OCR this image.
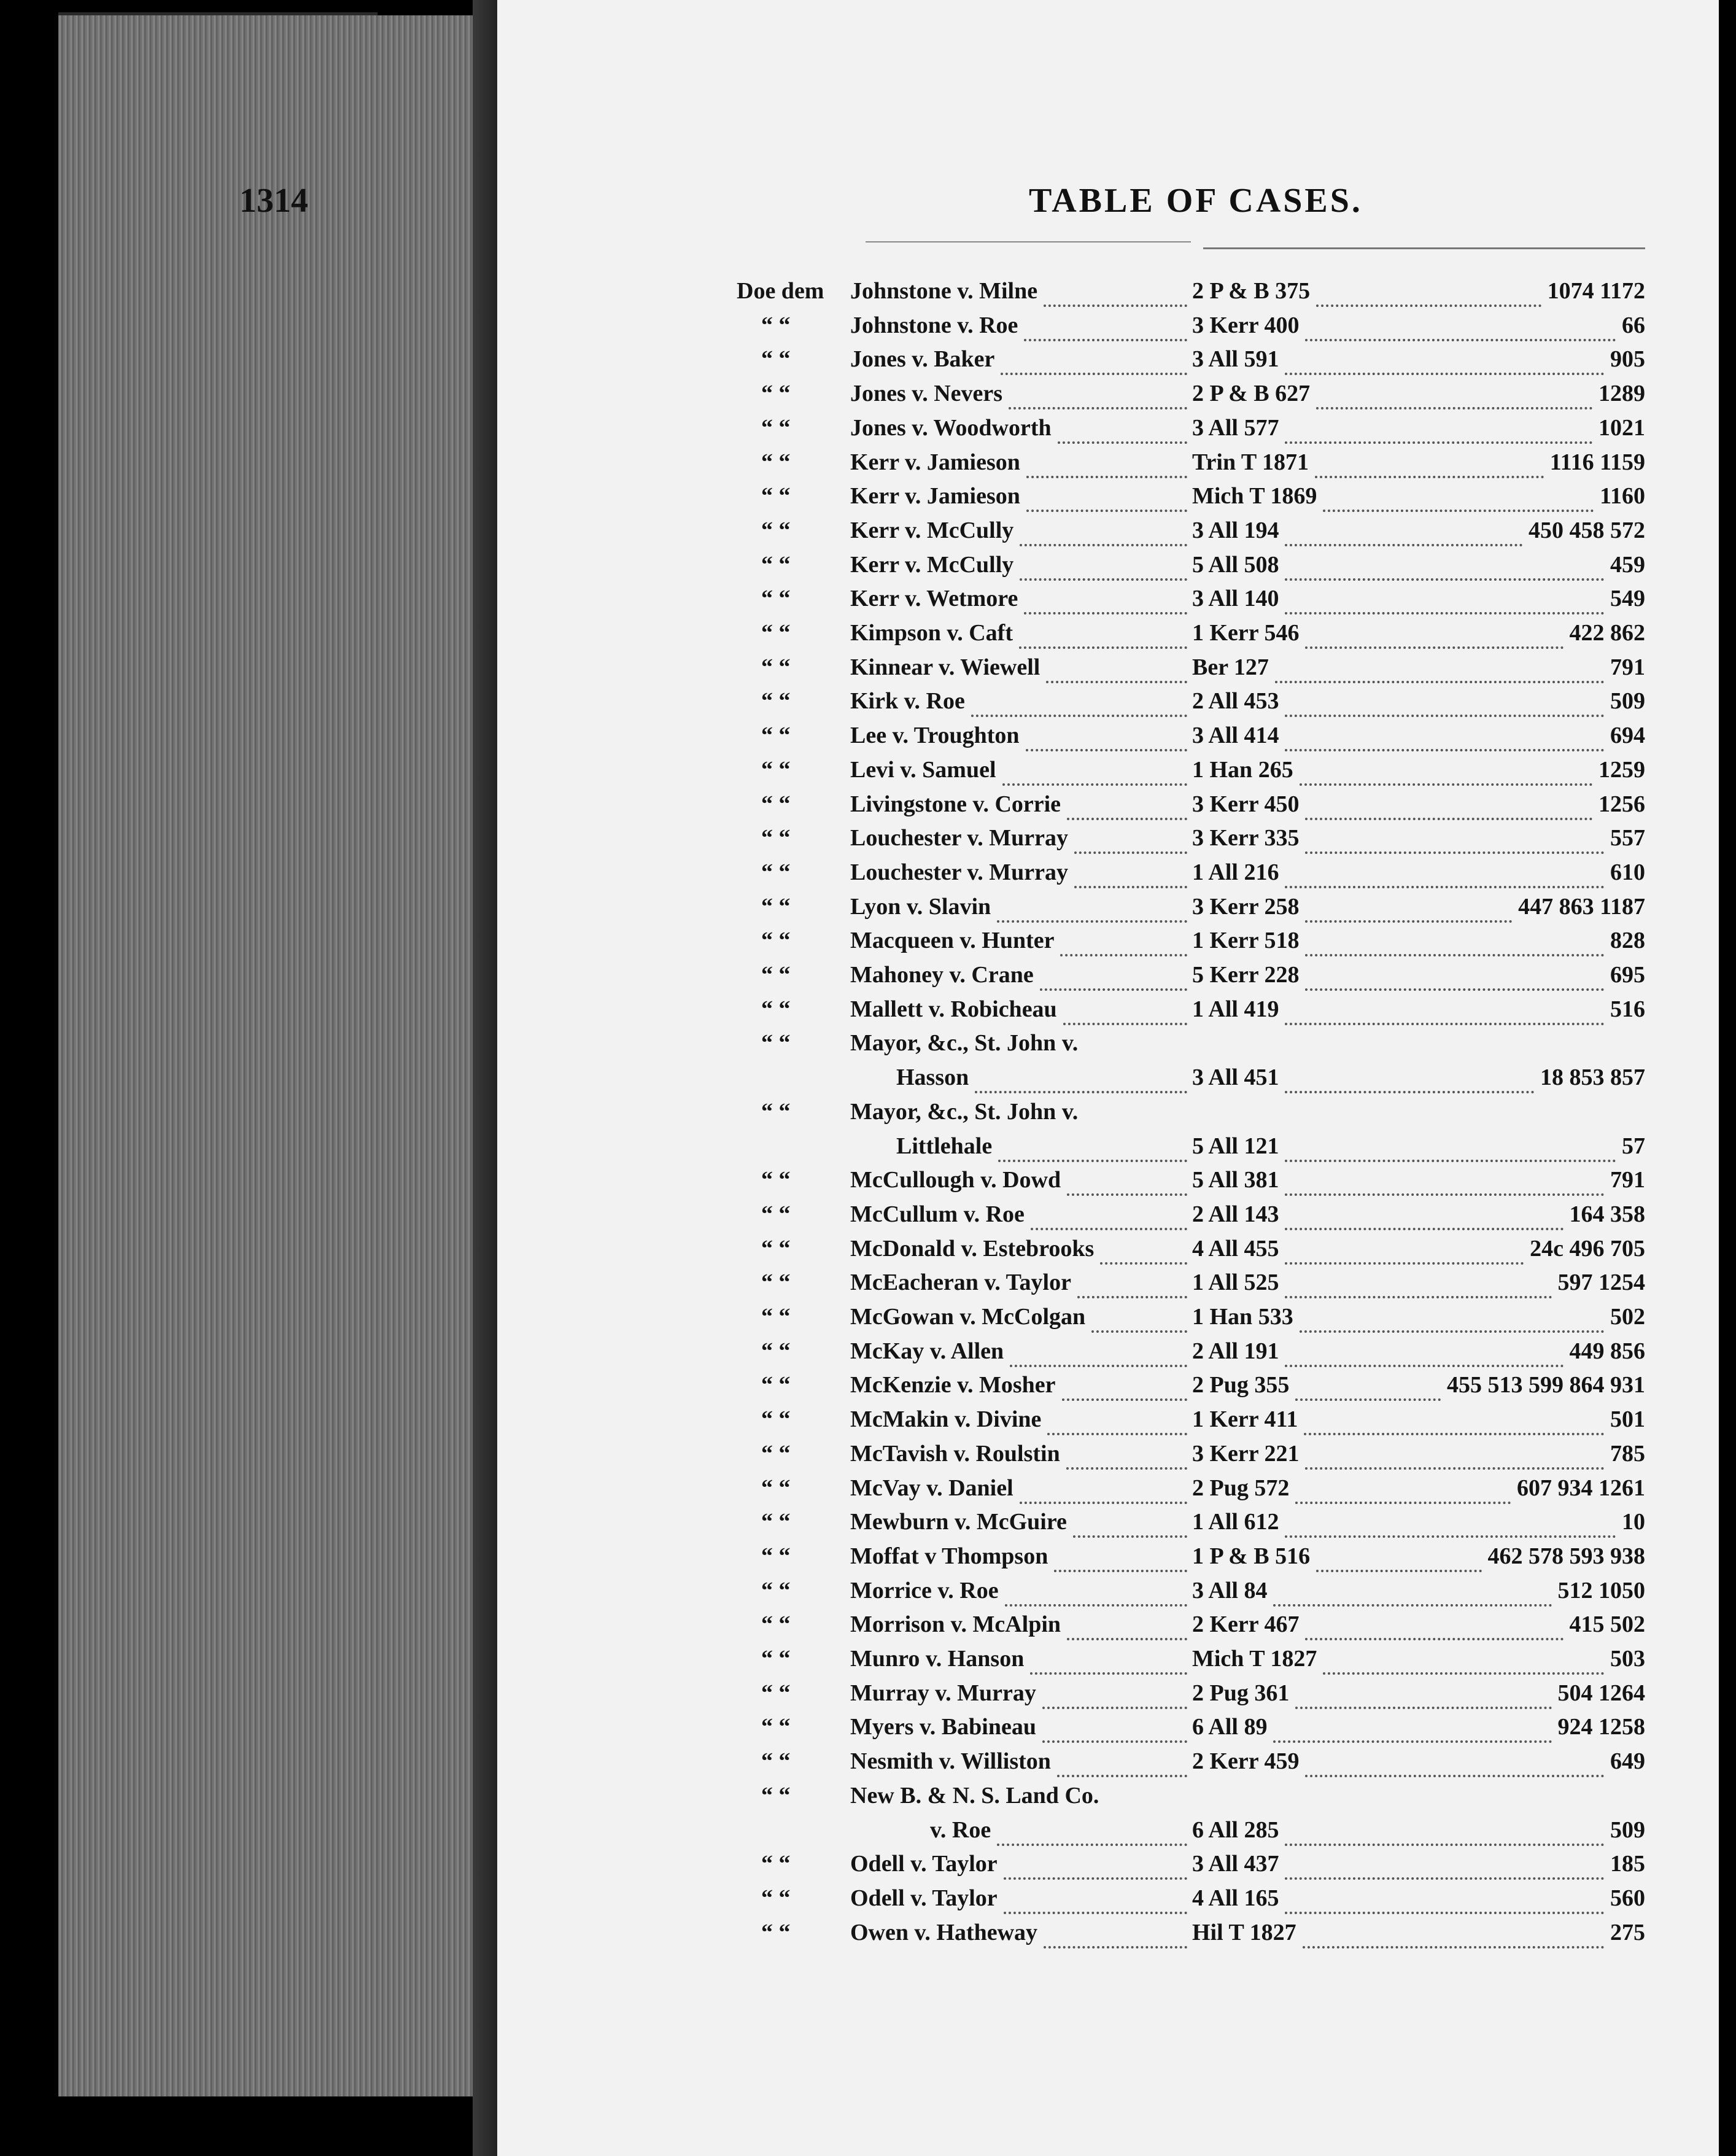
1314	TABLE OF CASES.
Doe dem Johnstone v. Milne	2 P & B 375	1074 1172
“ “	Johnstone v. Roe	3 Kerr 400	66
“ “	Jones v. Baker	3 All 591	905
“ “	Jones v. Nevers	2 P & B 627	1289
“ “	Jones v. Woodworth	3 All 577	1021
“ “	Kerr v. Jamieson	Trin T 1871	1116 1159
“ “	Kerr v. Jamieson	Mich T 1869	1160
“ “	Kerr v. McCully	3 All 194	450 458 572
“ “	Kerr v. McCully	5 All 508	459
“ “	Kerr v. Wetmore	3 All 140	549
“ “	Kimpson v. Caft	1 Kerr 546	422 862
“ “	Kinnear v. Wiewell	Ber 127	791
“ “	Kirk v. Roe	2 All 453	509
“ “	Lee v. Troughton	3 All 414	694
“ “	Levi v. Samuel	1 Han 265	1259
“ “	Livingstone v. Corrie	3 Kerr 450	1256
“ “	Louchester v. Murray	3 Kerr 335	557
“ “	Louchester v. Murray	1 All 216	610
“ “	Lyon v. Slavin	3 Kerr 258	447 863 1187
“ “	Macqueen v. Hunter	1 Kerr 518	828
“ “	Mahoney v. Crane	5 Kerr 228	695
“ “	Mallett v. Robicheau	1 All 419	516
“ “	Mayor, &c., St. John v.
Hasson	3 All 451	18 853 857
“ “	Mayor, &c., St. John v.
Littlehale	5 All 121	57
“ “	McCullough v. Dowd	5 All 381	791
“ “	McCullum v. Roe	2 All 143	164 358
“ “	McDonald v. Estebrooks	4 All 455	24c 496 705
“ “	McEacheran v. Taylor	1 All 525	597 1254
“ “	McGowan v. McColgan	1 Han 533	502
“ “	McKay v. Allen	2 All 191	449 856
“ “	McKenzie v. Mosher	2 Pug 355	455 513 599 864 931
“ “	McMakin v. Divine	1 Kerr 411	501
“ “	McTavish v. Roulstin	3 Kerr 221	785
“ “	McVay v. Daniel	2 Pug 572	607 934 1261
“ “	Mewburn v. McGuire	1 All 612	10
“ “	Moffat v Thompson	1 P & B 516	462 578 593 938
“ “	Morrice v. Roe	3 All 84	512 1050
“ “	Morrison v. McAlpin	2 Kerr 467	415 502
“ “	Munro v. Hanson	Mich T 1827	503
“ “	Murray v. Murray	2 Pug 361	504 1264
“ “	Myers v. Babineau	6 All 89	924 1258
“ “	Nesmith v. Williston	2 Kerr 459	649
“ “	New B. & N. S. Land Co.
v. Roe	6 All 285	509
“ “	Odell v. Taylor	3 All 437	185
“ “	Odell v. Taylor	4 All 165	560
“ “	Owen v. Hatheway	Hil T 1827	275
